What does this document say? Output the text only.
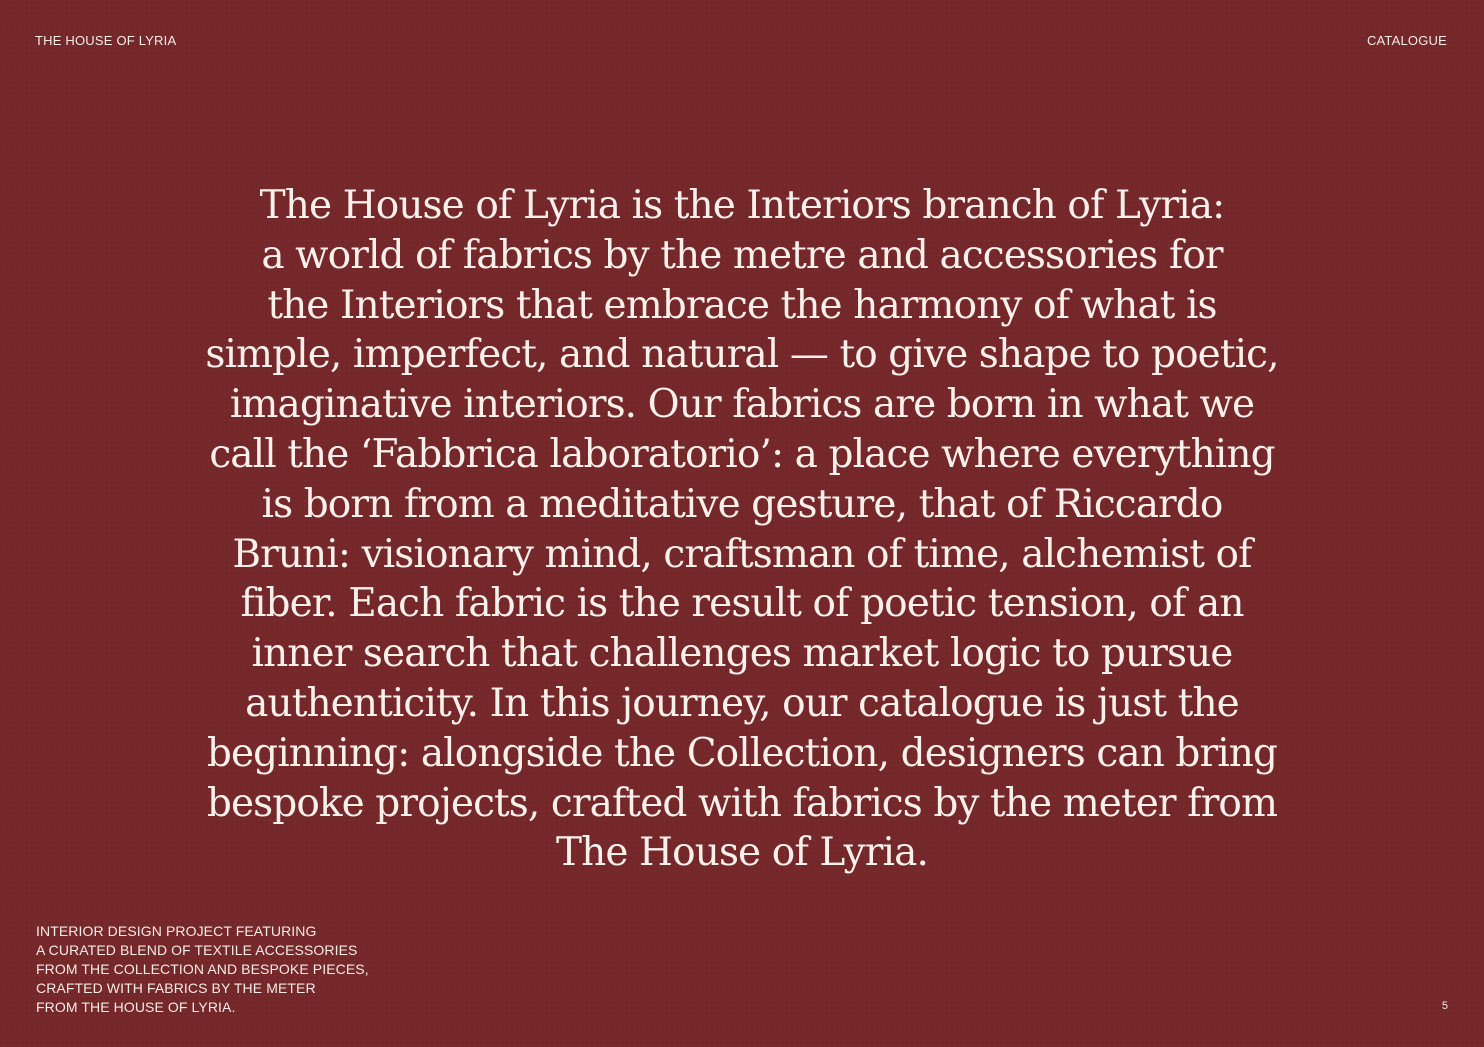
THE HOUSE OF LYRIA	CATALOGUE

The House of Lyria is the Interiors branch of Lyria:
a world of fabrics by the metre and accessories for
the Interiors that embrace the harmony of what is
simple, imperfect, and natural — to give shape to poetic,
imaginative interiors. Our fabrics are born in what we
call the ‘Fabbrica laboratorio’: a place where everything
is born from a meditative gesture, that of Riccardo
Bruni: visionary mind, craftsman of time, alchemist of
fiber. Each fabric is the result of poetic tension, of an
inner search that challenges market logic to pursue
authenticity. In this journey, our catalogue is just the
beginning: alongside the Collection, designers can bring
bespoke projects, crafted with fabrics by the meter from
The House of Lyria.

INTERIOR DESIGN PROJECT FEATURING
A CURATED BLEND OF TEXTILE ACCESSORIES
FROM THE COLLECTION AND BESPOKE PIECES,
CRAFTED WITH FABRICS BY THE METER
FROM THE HOUSE OF LYRIA.	5
